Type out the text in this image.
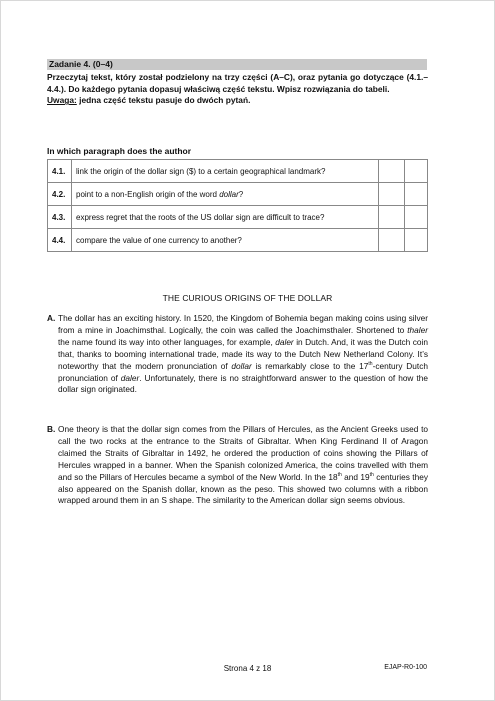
Zadanie 4. (0–4)

Przeczytaj tekst, który został podzielony na trzy części (A–C), oraz pytania go dotyczące (4.1.–4.4.). Do każdego pytania dopasuj właściwą część tekstu. Wpisz rozwiązania do tabeli.

Uwaga: jedna część tekstu pasuje do dwóch pytań.

In which paragraph does the author
4.1.	link the origin of the dollar sign ($) to a certain geographical landmark?		
4.2.	point to a non-English origin of the word dollar?		
4.3.	express regret that the roots of the US dollar sign are difficult to trace?		
4.4.	compare the value of one currency to another?		
THE CURIOUS ORIGINS OF THE DOLLAR
A. The dollar has an exciting history. In 1520, the Kingdom of Bohemia began making coins using silver from a mine in Joachimsthal. Logically, the coin was called the Joachimsthaler. Shortened to thaler the name found its way into other languages, for example, daler in Dutch. And, it was the Dutch coin that, thanks to booming international trade, made its way to the Dutch New Netherland Colony. It’s noteworthy that the modern pronunciation of dollar is remarkably close to the 17th-century Dutch pronunciation of daler. Unfortunately, there is no straightforward answer to the question of how the dollar sign originated.
B. One theory is that the dollar sign comes from the Pillars of Hercules, as the Ancient Greeks used to call the two rocks at the entrance to the Straits of Gibraltar. When King Ferdinand II of Aragon claimed the Straits of Gibraltar in 1492, he ordered the production of coins showing the Pillars of Hercules wrapped in a banner. When the Spanish colonized America, the coins travelled with them and so the Pillars of Hercules became a symbol of the New World. In the 18th and 19th centuries they also appeared on the Spanish dollar, known as the peso. This showed two columns with a ribbon wrapped around them in an S shape. The similarity to the American dollar sign seems obvious.
Strona 4 z 18	EJAP-R0-100
